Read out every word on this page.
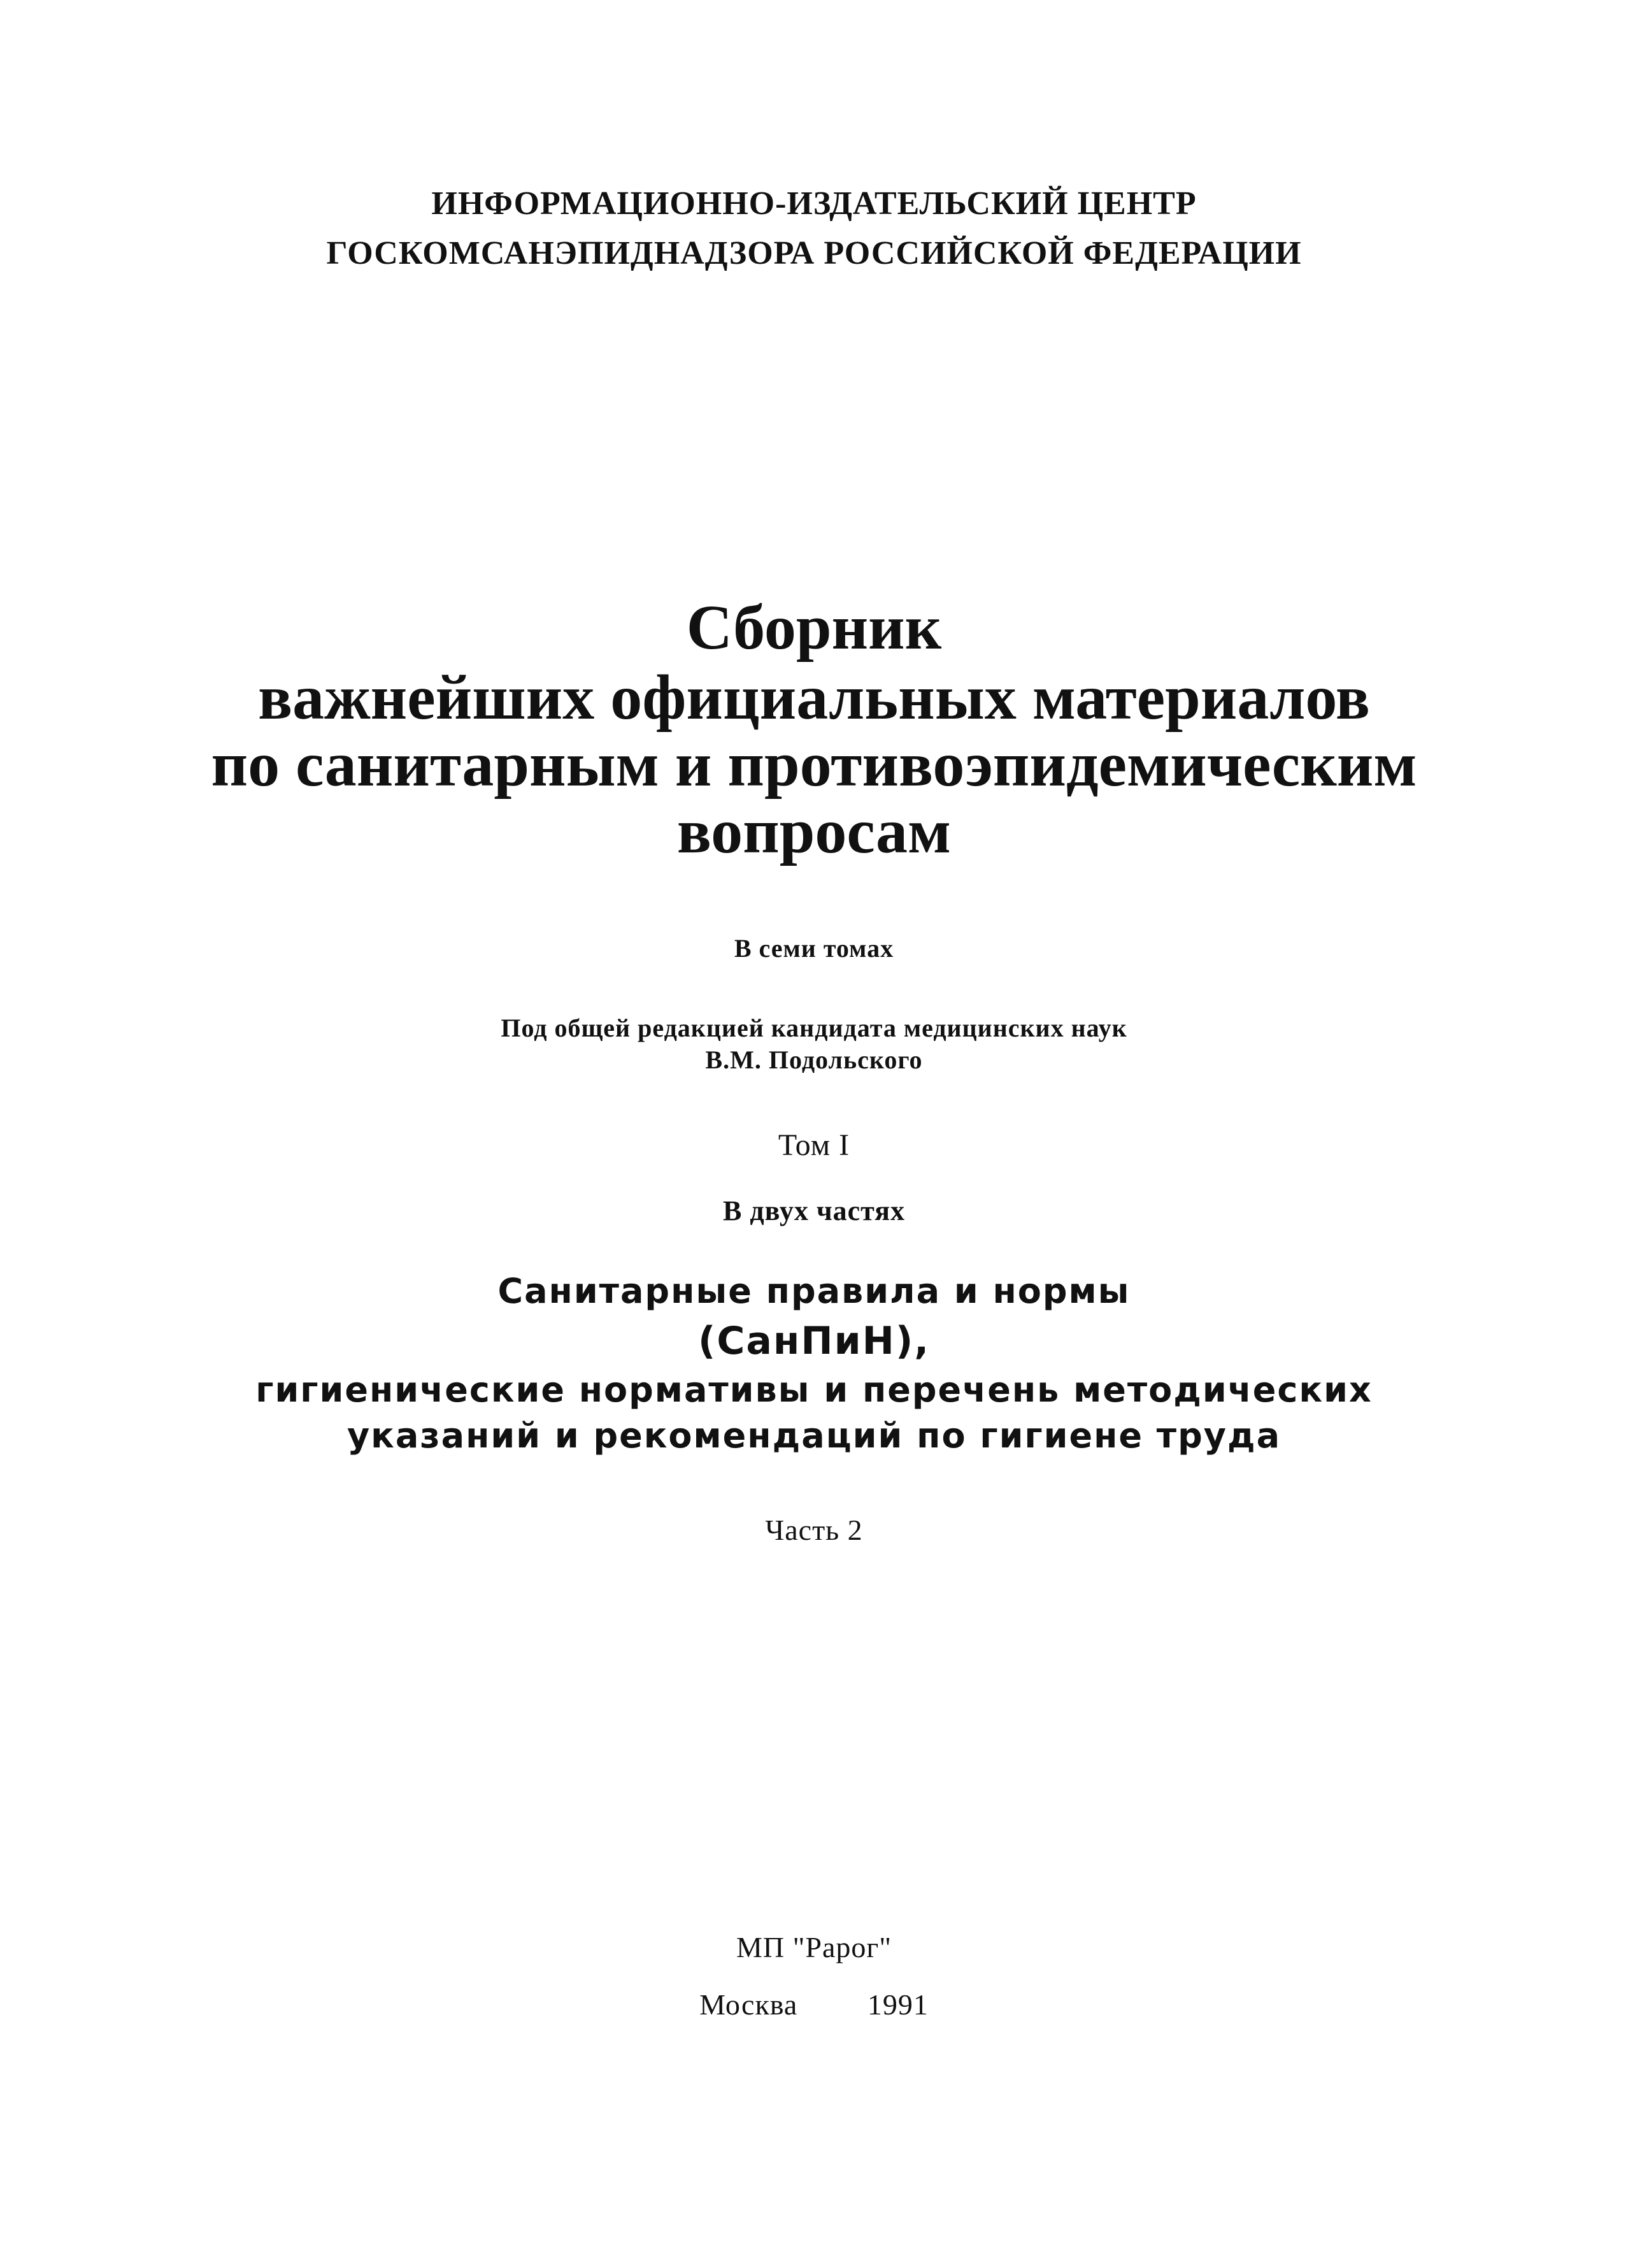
ИНФОРМАЦИОННО-ИЗДАТЕЛЬСКИЙ ЦЕНТР

ГОСКОМСАНЭПИДНАДЗОРА РОССИЙСКОЙ ФЕДЕРАЦИИ

Сборник

важнейших официальных материалов

по санитарным и противоэпидемическим

вопросам

В семи томах

Под общей редакцией кандидата медицинских наук

В.М. Подольского

Том I

В двух частях

Санитарные правила и нормы

(СанПиН),

гигиенические нормативы и перечень методических

указаний и рекомендаций по гигиене труда

Часть 2

МП "Рарог"

Москва   1991
